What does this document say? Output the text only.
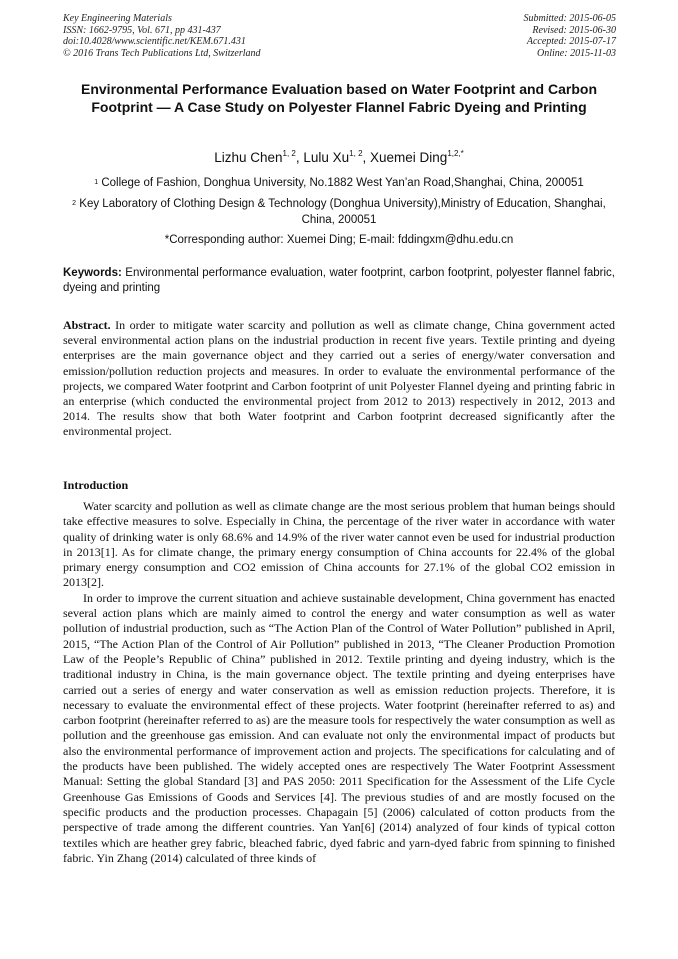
Key Engineering Materials
ISSN: 1662-9795, Vol. 671, pp 431-437
doi:10.4028/www.scientific.net/KEM.671.431
© 2016 Trans Tech Publications Ltd, Switzerland
Submitted: 2015-06-05
Revised: 2015-06-30
Accepted: 2015-07-17
Online: 2015-11-03
Environmental Performance Evaluation based on Water Footprint and Carbon Footprint — A Case Study on Polyester Flannel Fabric Dyeing and Printing
Lizhu Chen$^{1, 2}$, Lulu Xu$^{1, 2}$, Xuemei Ding$^{1,2,*}$
$^1$ College of Fashion, Donghua University, No.1882 West Yan’an Road,Shanghai, China, 200051
$^2$ Key Laboratory of Clothing Design & Technology (Donghua University),Ministry of Education, Shanghai, China, 200051
*Corresponding author: Xuemei Ding; E-mail: fddingxm@dhu.edu.cn
Keywords: Environmental performance evaluation, water footprint, carbon footprint, polyester flannel fabric, dyeing and printing
Abstract. In order to mitigate water scarcity and pollution as well as climate change, China government acted several environmental action plans on the industrial production in recent five years. Textile printing and dyeing enterprises are the main governance object and they carried out a series of energy/water conversation and emission/pollution reduction projects and measures. In order to evaluate the environmental performance of the projects, we compared Water footprint and Carbon footprint of unit Polyester Flannel dyeing and printing fabric in an enterprise (which conducted the environmental project from 2012 to 2013) respectively in 2012, 2013 and 2014. The results show that both Water footprint and Carbon footprint decreased significantly after the environmental project.
Introduction

Water scarcity and pollution as well as climate change are the most serious problem that human beings should take effective measures to solve. Especially in China, the percentage of the river water in accordance with water quality of drinking water is only 68.6% and 14.9% of the river water cannot even be used for industrial production in 2013[1]. As for climate change, the primary energy consumption of China accounts for 22.4% of the global primary energy consumption and CO2 emission of China accounts for 27.1% of the global CO2 emission in 2013[2].

In order to improve the current situation and achieve sustainable development, China government has enacted several action plans which are mainly aimed to control the energy and water consumption as well as water pollution of industrial production, such as “The Action Plan of the Control of Water Pollution” published in April, 2015, “The Action Plan of the Control of Air Pollution” published in 2013, “The Cleaner Production Promotion Law of the People’s Republic of China” published in 2012. Textile printing and dyeing industry, which is the traditional industry in China, is the main governance object. The textile printing and dyeing enterprises have carried out a series of energy and water conservation as well as emission reduction projects. Therefore, it is necessary to evaluate the environmental effect of these projects. Water footprint (hereinafter referred to as) and carbon footprint (hereinafter referred to as) are the measure tools for respectively the water consumption as well as pollution and the greenhouse gas emission. And can evaluate not only the environmental impact of products but also the environmental performance of improvement action and projects. The specifications for calculating and of the products have been published. The widely accepted ones are respectively The Water Footprint Assessment Manual: Setting the global Standard [3] and PAS 2050: 2011 Specification for the Assessment of the Life Cycle Greenhouse Gas Emissions of Goods and Services [4]. The previous studies of and are mostly focused on the specific products and the production processes. Chapagain [5] (2006) calculated of cotton products from the perspective of trade among the different countries. Yan Yan[6] (2014) analyzed of four kinds of typical cotton textiles which are heather grey fabric, bleached fabric, dyed fabric and yarn-dyed fabric from spinning to finished fabric. Yin Zhang (2014) calculated of three kinds of
